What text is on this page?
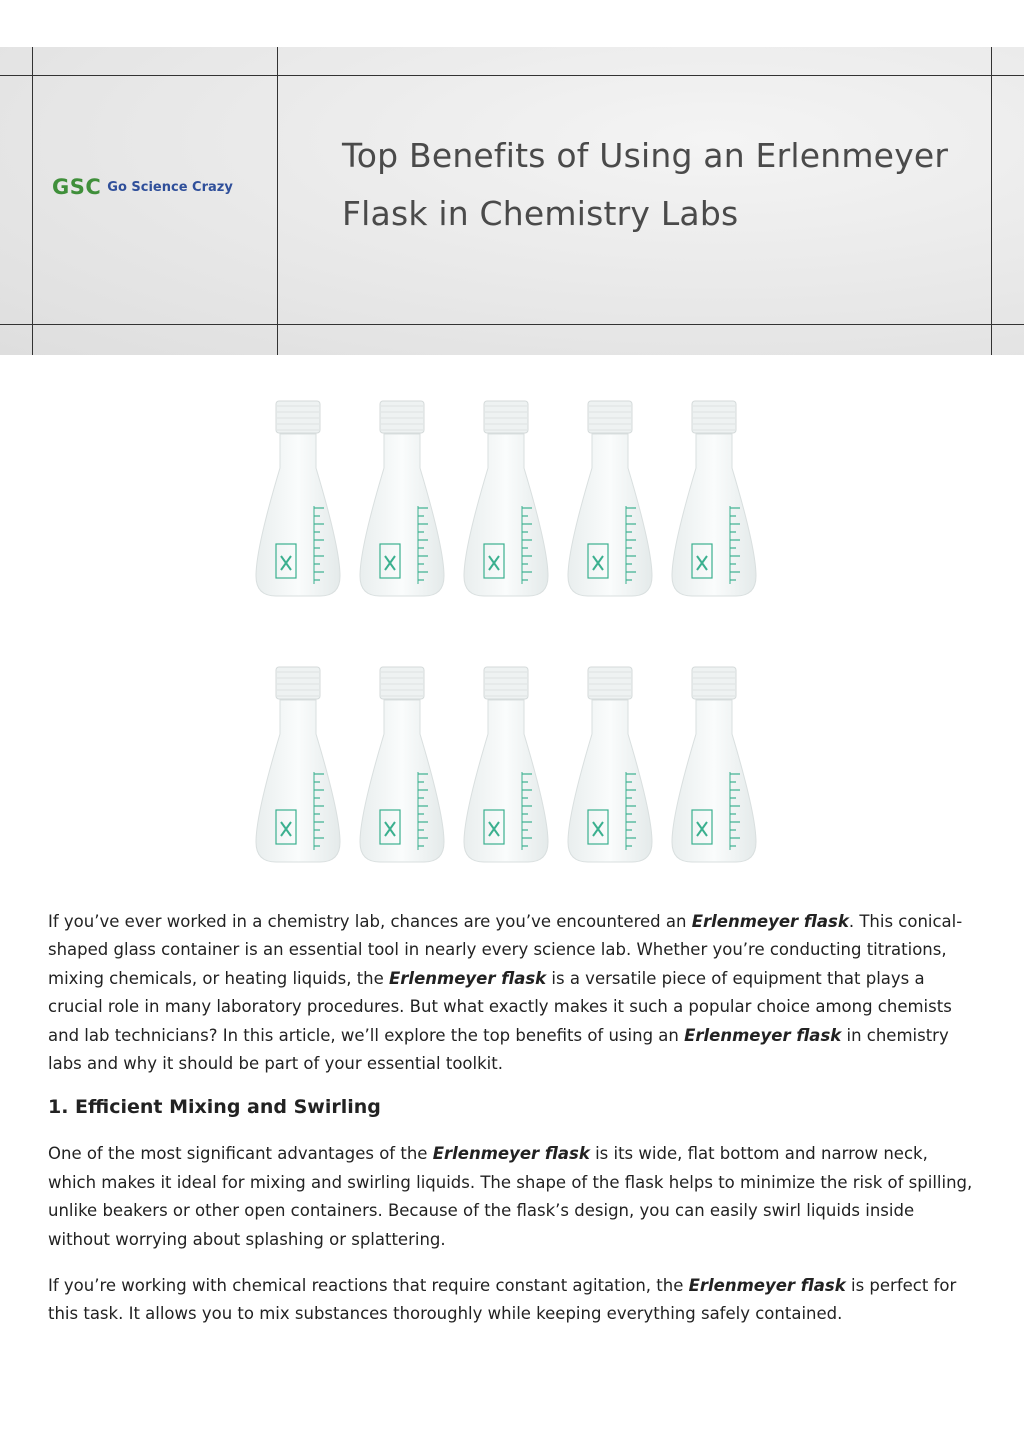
GSC Go Science Crazy
Top Benefits of Using an Erlenmeyer Flask in Chemistry Labs

If you’ve ever worked in a chemistry lab, chances are you’ve encountered an Erlenmeyer flask. This conical-shaped glass container is an essential tool in nearly every science lab. Whether you’re conducting titrations, mixing chemicals, or heating liquids, the Erlenmeyer flask is a versatile piece of equipment that plays a crucial role in many laboratory procedures. But what exactly makes it such a popular choice among chemists and lab technicians? In this article, we’ll explore the top benefits of using an Erlenmeyer flask in chemistry labs and why it should be part of your essential toolkit.

1. Efficient Mixing and Swirling

One of the most significant advantages of the Erlenmeyer flask is its wide, flat bottom and narrow neck, which makes it ideal for mixing and swirling liquids. The shape of the flask helps to minimize the risk of spilling, unlike beakers or other open containers. Because of the flask’s design, you can easily swirl liquids inside without worrying about splashing or splattering.

If you’re working with chemical reactions that require constant agitation, the Erlenmeyer flask is perfect for this task. It allows you to mix substances thoroughly while keeping everything safely contained.
